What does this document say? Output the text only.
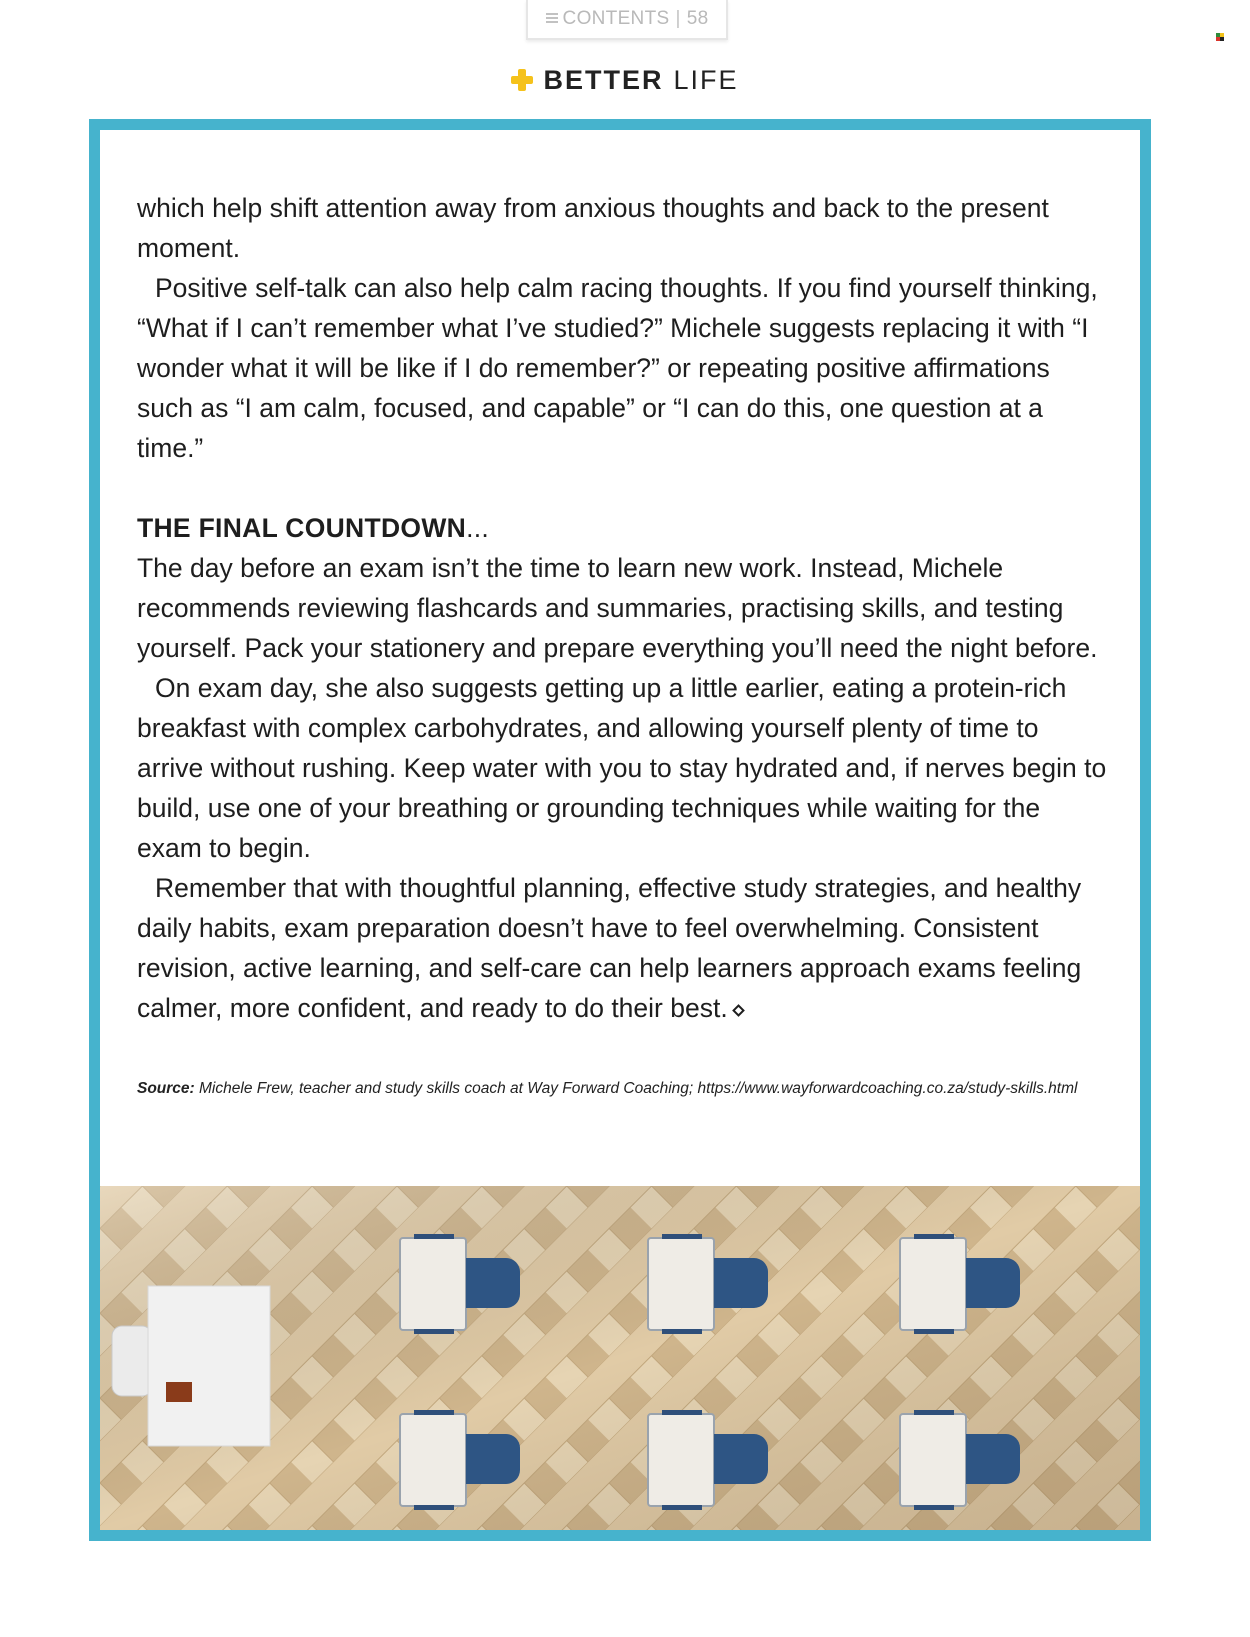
CONTENTS | 58
BETTER LIFE

which help shift attention away from anxious thoughts and back to the present moment.

Positive self-talk can also help calm racing thoughts. If you find yourself thinking, “What if I can’t remember what I’ve studied?” Michele suggests replacing it with “I wonder what it will be like if I do remember?” or repeating positive affirmations such as “I am calm, focused, and capable” or “I can do this, one question at a time.”

THE FINAL COUNTDOWN...

The day before an exam isn’t the time to learn new work. Instead, Michele recommends reviewing flashcards and summaries, practising skills, and testing yourself. Pack your stationery and prepare everything you’ll need the night before.

On exam day, she also suggests getting up a little earlier, eating a protein-rich breakfast with complex carbohydrates, and allowing yourself plenty of time to arrive without rushing. Keep water with you to stay hydrated and, if nerves begin to build, use one of your breathing or grounding techniques while waiting for the exam to begin.

Remember that with thoughtful planning, effective study strategies, and healthy daily habits, exam preparation doesn’t have to feel overwhelming. Consistent revision, active learning, and self-care can help learners approach exams feeling calmer, more confident, and ready to do their best.

Source: Michele Frew, teacher and study skills coach at Way Forward Coaching; https://www.wayforwardcoaching.co.za/study-skills.html
